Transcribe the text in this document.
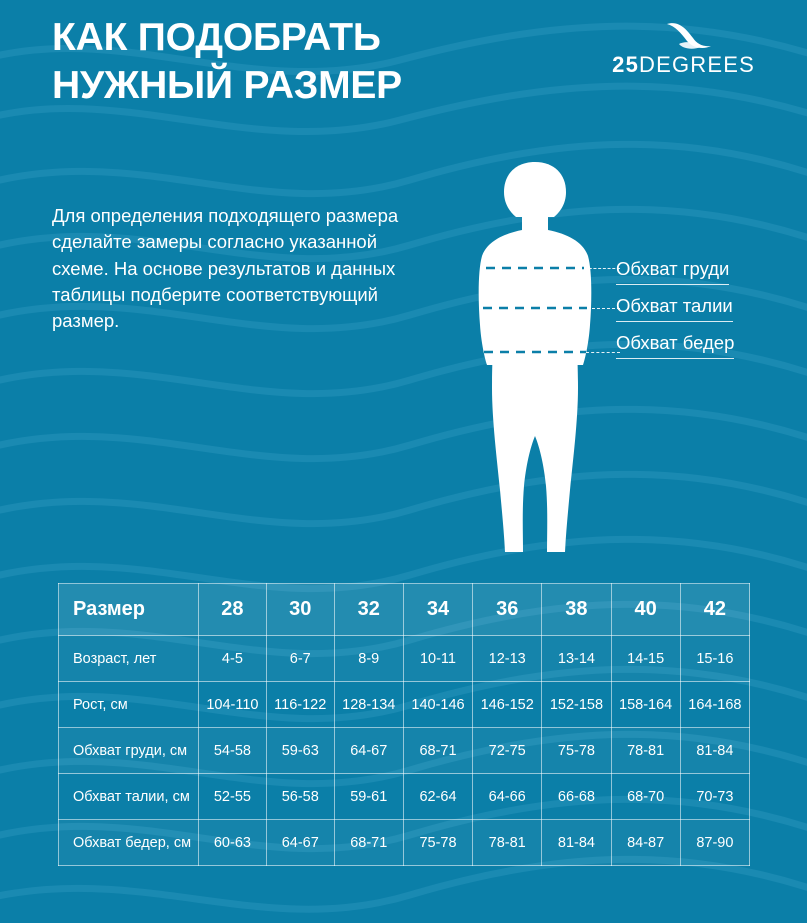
КАК ПОДОБРАТЬ НУЖНЫЙ РАЗМЕР	25DEGREES

Для определения подходящего размера сделайте замеры согласно указанной схеме. На основе результатов и данных таблицы подберите соответствующий размер.

Обхват груди
Обхват талии
Обхват бедер
Размер	28	30	32	34	36	38	40	42
Возраст, лет	4-5	6-7	8-9	10-11	12-13	13-14	14-15	15-16
Рост, см	104-110	116-122	128-134	140-146	146-152	152-158	158-164	164-168
Обхват груди, см	54-58	59-63	64-67	68-71	72-75	75-78	78-81	81-84
Обхват талии, см	52-55	56-58	59-61	62-64	64-66	66-68	68-70	70-73
Обхват бедер, см	60-63	64-67	68-71	75-78	78-81	81-84	84-87	87-90
